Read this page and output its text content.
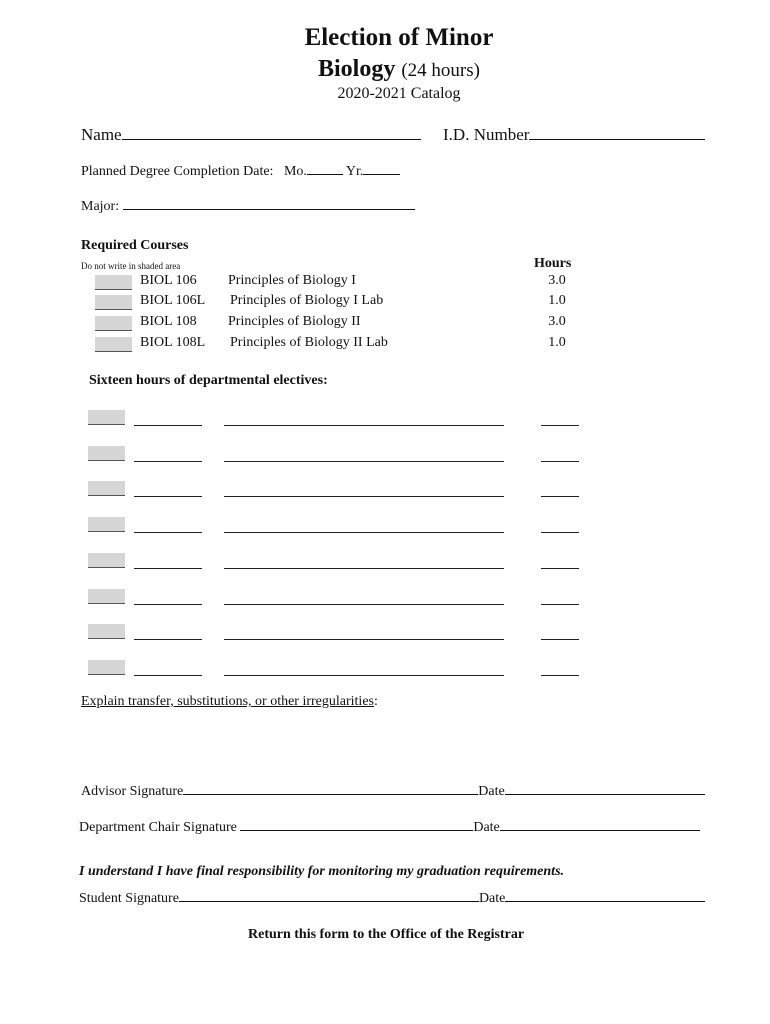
Election of Minor
Biology (24 hours)
2020-2021 Catalog
Name	I.D. Number
Planned Degree Completion Date: Mo.	Yr.
Major:
Required Courses
Do not write in shaded area	Hours
BIOL 106 Principles of Biology I	3.0
BIOL 106L Principles of Biology I Lab	1.0
BIOL 108 Principles of Biology II	3.0
BIOL 108L Principles of Biology II Lab	1.0
Sixteen hours of departmental electives:
Explain transfer, substitutions, or other irregularities:
Advisor Signature	Date
Department Chair Signature	Date
I understand I have final responsibility for monitoring my graduation requirements.
Student Signature	Date
Return this form to the Office of the Registrar
